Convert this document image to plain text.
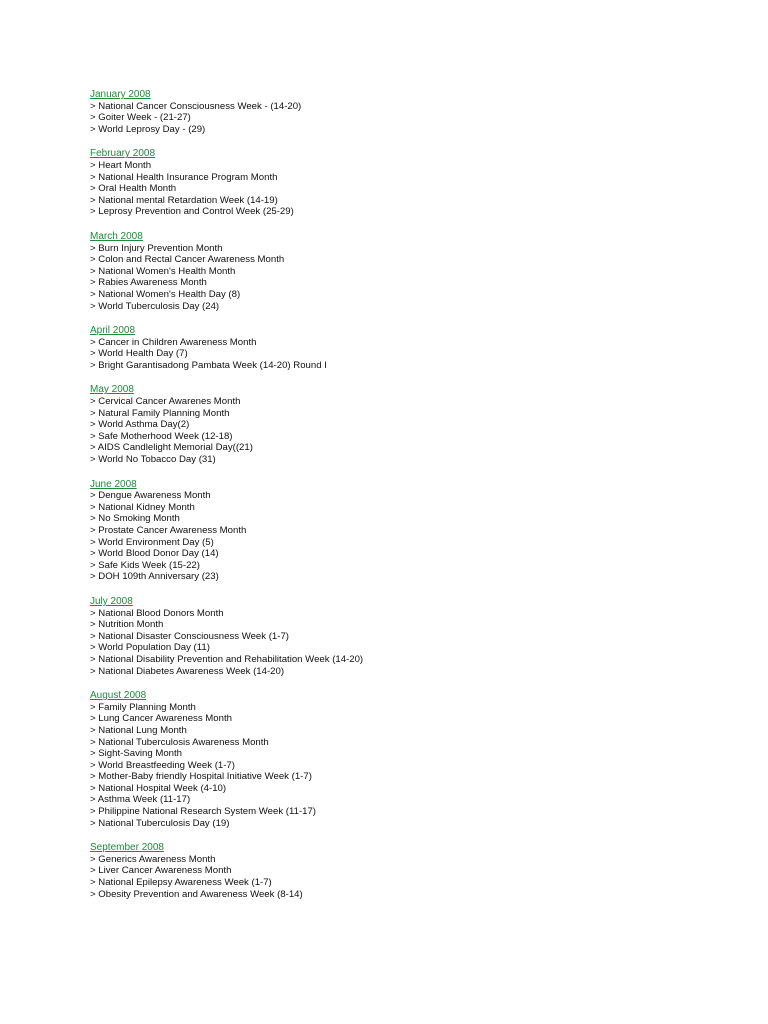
January 2008
> National Cancer Consciousness Week - (14-20)
> Goiter Week - (21-27)
> World Leprosy Day - (29)
February 2008
> Heart Month
> National Health Insurance Program Month
> Oral Health Month
> National mental Retardation Week (14-19)
> Leprosy Prevention and Control Week (25-29)
March 2008
> Burn Injury Prevention Month
> Colon and Rectal Cancer Awareness Month
> National Women's Health Month
> Rabies Awareness Month
> National Women's Health Day (8)
> World Tuberculosis Day (24)
April 2008
> Cancer in Children Awareness Month
> World Health Day (7)
> Bright Garantisadong Pambata Week (14-20) Round I
May 2008
> Cervical Cancer Awarenes Month
> Natural Family Planning Month
> World Asthma Day(2)
> Safe Motherhood Week (12-18)
> AIDS Candlelight Memorial Day((21)
> World No Tobacco Day (31)
June 2008
> Dengue Awareness Month
> National Kidney Month
> No Smoking Month
> Prostate Cancer Awareness Month
> World Environment Day (5)
> World Blood Donor Day (14)
> Safe Kids Week (15-22)
> DOH 109th Anniversary (23)
July 2008
> National Blood Donors Month
> Nutrition Month
> National Disaster Consciousness Week (1-7)
> World Population Day (11)
> National Disability Prevention and Rehabilitation Week (14-20)
> National Diabetes Awareness Week (14-20)
August 2008
> Family Planning Month
> Lung Cancer Awareness Month
> National Lung Month
> National Tuberculosis Awareness Month
> Sight-Saving Month
> World Breastfeeding Week (1-7)
> Mother-Baby friendly Hospital Initiative Week (1-7)
> National Hospital Week (4-10)
> Asthma Week (11-17)
> Philippine National Research System Week (11-17)
> National Tuberculosis Day (19)
September 2008
> Generics Awareness Month
> Liver Cancer Awareness Month
> National Epilepsy Awareness Week (1-7)
> Obesity Prevention and Awareness Week (8-14)
